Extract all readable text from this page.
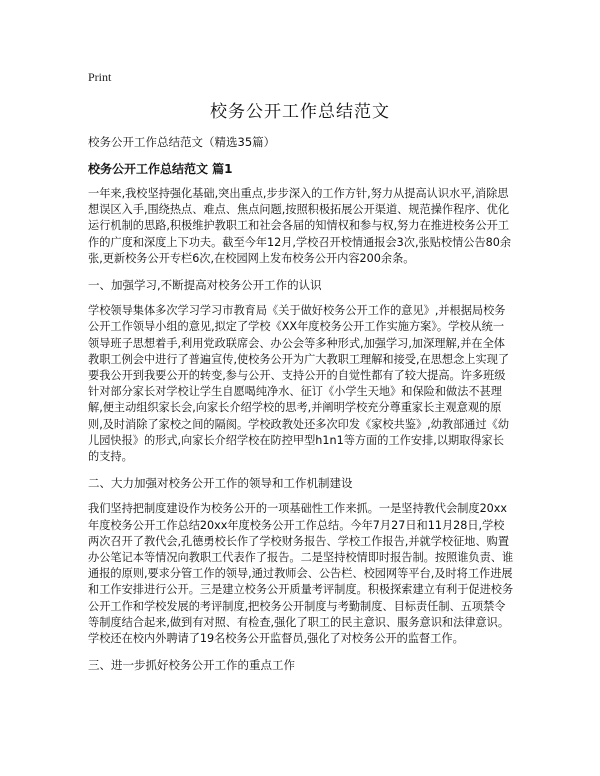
Print
校务公开工作总结范文
校务公开工作总结范文（精选35篇）
校务公开工作总结范文 篇1

一年来,我校坚持强化基础,突出重点,步步深入的工作方针,努力从提高认识水平,消除思想误区入手,围绕热点、难点、焦点问题,按照积极拓展公开渠道、规范操作程序、优化运行机制的思路,积极维护教职工和社会各届的知情权和参与权,努力在推进校务公开工作的广度和深度上下功夫。截至今年12月,学校召开校情通报会3次,张贴校情公告80余张,更新校务公开专栏6次,在校园网上发布校务公开内容200余条。

一、加强学习,不断提高对校务公开工作的认识

学校领导集体多次学习学习市教育局《关于做好校务公开工作的意见》,并根据局校务公开工作领导小组的意见,拟定了学校《XX年度校务公开工作实施方案》。学校从统一领导班子思想着手,利用党政联席会、办公会等多种形式,加强学习,加深理解,并在全体教职工例会中进行了普遍宣传,使校务公开为广大教职工理解和接受,在思想念上实现了要我公开到我要公开的转变,参与公开、支持公开的自觉性都有了较大提高。许多班级针对部分家长对学校让学生自愿喝纯净水、征订《小学生天地》和保险和做法不甚理解,便主动组织家长会,向家长介绍学校的思考,并阐明学校充分尊重家长主观意观的原则,及时消除了家校之间的隔阂。学校政教处还多次印发《家校共鉴》,幼教部通过《幼儿园快报》的形式,向家长介绍学校在防控甲型h1n1等方面的工作安排,以期取得家长的支持。

二、大力加强对校务公开工作的领导和工作机制建设

我们坚持把制度建设作为校务公开的一项基础性工作来抓。一是坚持教代会制度20xx年度校务公开工作总结20xx年度校务公开工作总结。今年7月27日和11月28日,学校两次召开了教代会,孔德勇校长作了学校财务报告、学校工作报告,并就学校征地、购置办公笔记本等情况向教职工代表作了报告。二是坚持校情即时报告制。按照谁负责、谁通报的原则,要求分管工作的领导,通过教师会、公告栏、校园网等平台,及时将工作进展和工作安排进行公开。三是建立校务公开质量考评制度。积极探索建立有利于促进校务公开工作和学校发展的考评制度,把校务公开制度与考勤制度、目标责任制、五项禁令等制度结合起来,做到有对照、有检查,强化了职工的民主意识、服务意识和法律意识。学校还在校内外聘请了19名校务公开监督员,强化了对校务公开的监督工作。

三、进一步抓好校务公开工作的重点工作
